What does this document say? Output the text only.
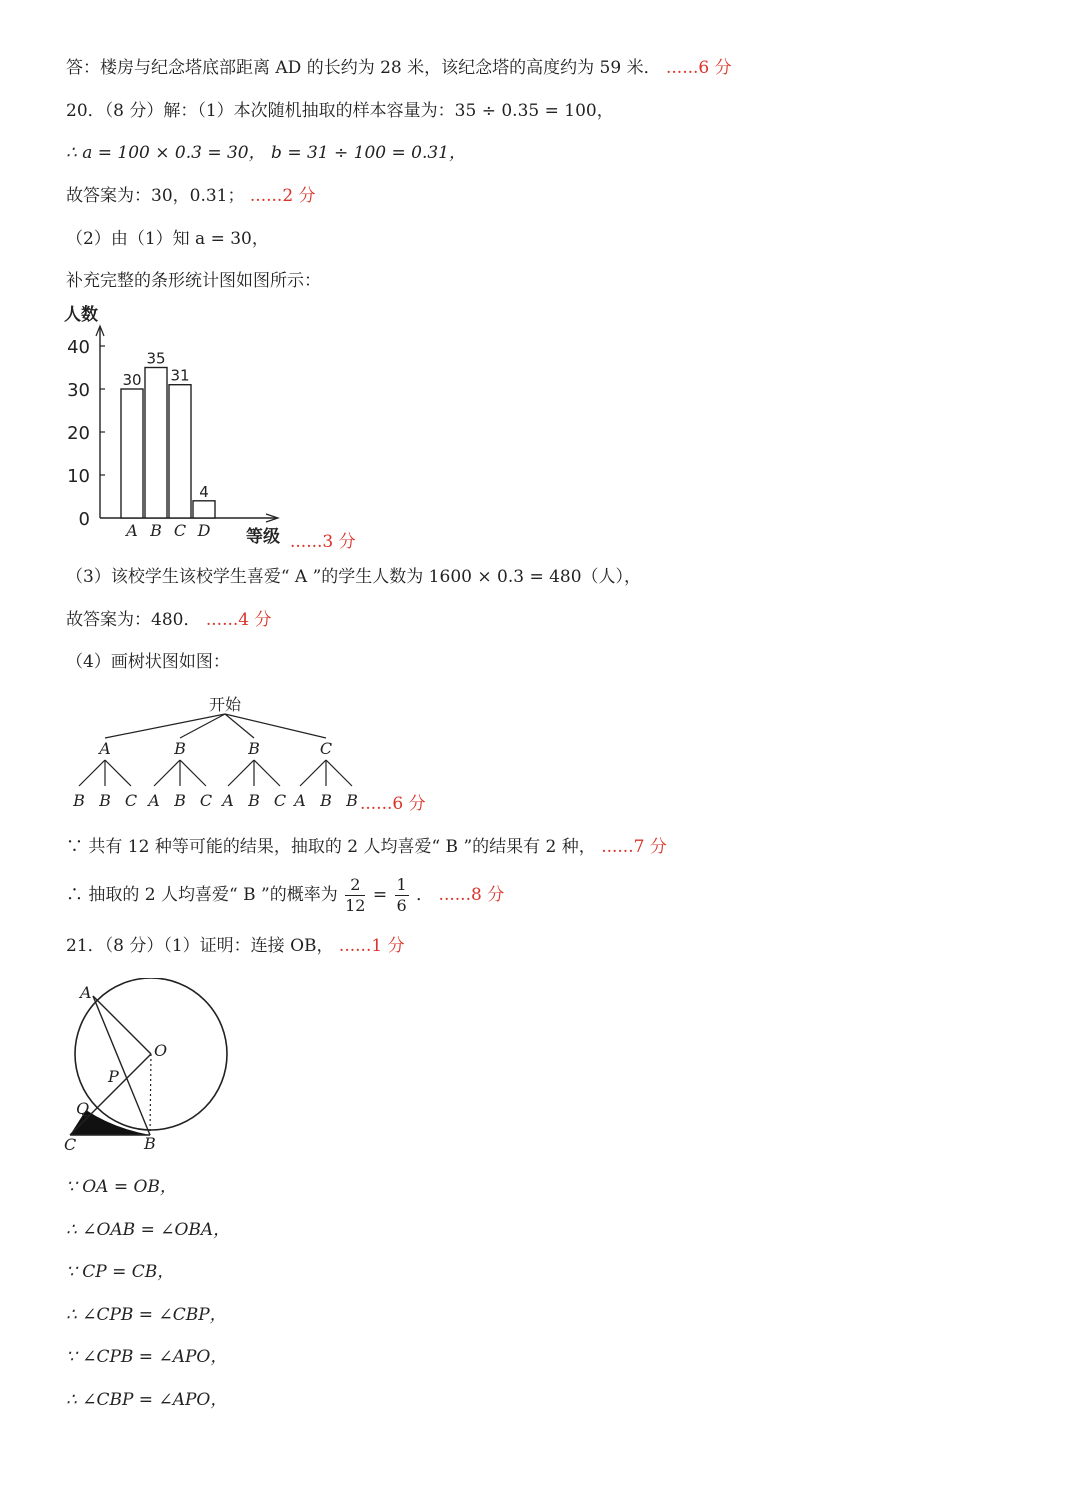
答：楼房与纪念塔底部距离 AD 的长约为 28 米，该纪念塔的高度约为 59 米． ......6 分
20．（8 分）解：（1）本次随机抽取的样本容量为：35 ÷ 0.35 = 100，
∴ a = 100 × 0.3 = 30， b = 31 ÷ 100 = 0.31，
故答案为：30，0.31； ......2 分
（2）由（1）知 a = 30，
补充完整的条形统计图如图所示：
0
10
20
30
40
人数
30
A
35
B
31
C
4
D 等级 ......3 分
（3）该校学生该校学生喜爱“ A ”的学生人数为 1600 × 0.3 = 480（人），
故答案为：480． ......4 分
（4）画树状图如图：
开始
A
B B C
B
A B C
B
A B C
C
A B B ......6 分
∵ 共有 12 种等可能的结果，抽取的 2 人均喜爱“ B ”的结果有 2 种， ......7 分
∴ 抽取的 2 人均喜爱“ B ”的概率为 $\frac{2}{12} = \frac{1}{6}$ ． ......8 分
21．（8 分）（1）证明：连接 OB， ......1 分
A
O
P
Q
C	B
∵ OA = OB，
∴ ∠OAB = ∠OBA，
∵ CP = CB，
∴ ∠CPB = ∠CBP，
∵ ∠CPB = ∠APO，
∴ ∠CBP = ∠APO，
